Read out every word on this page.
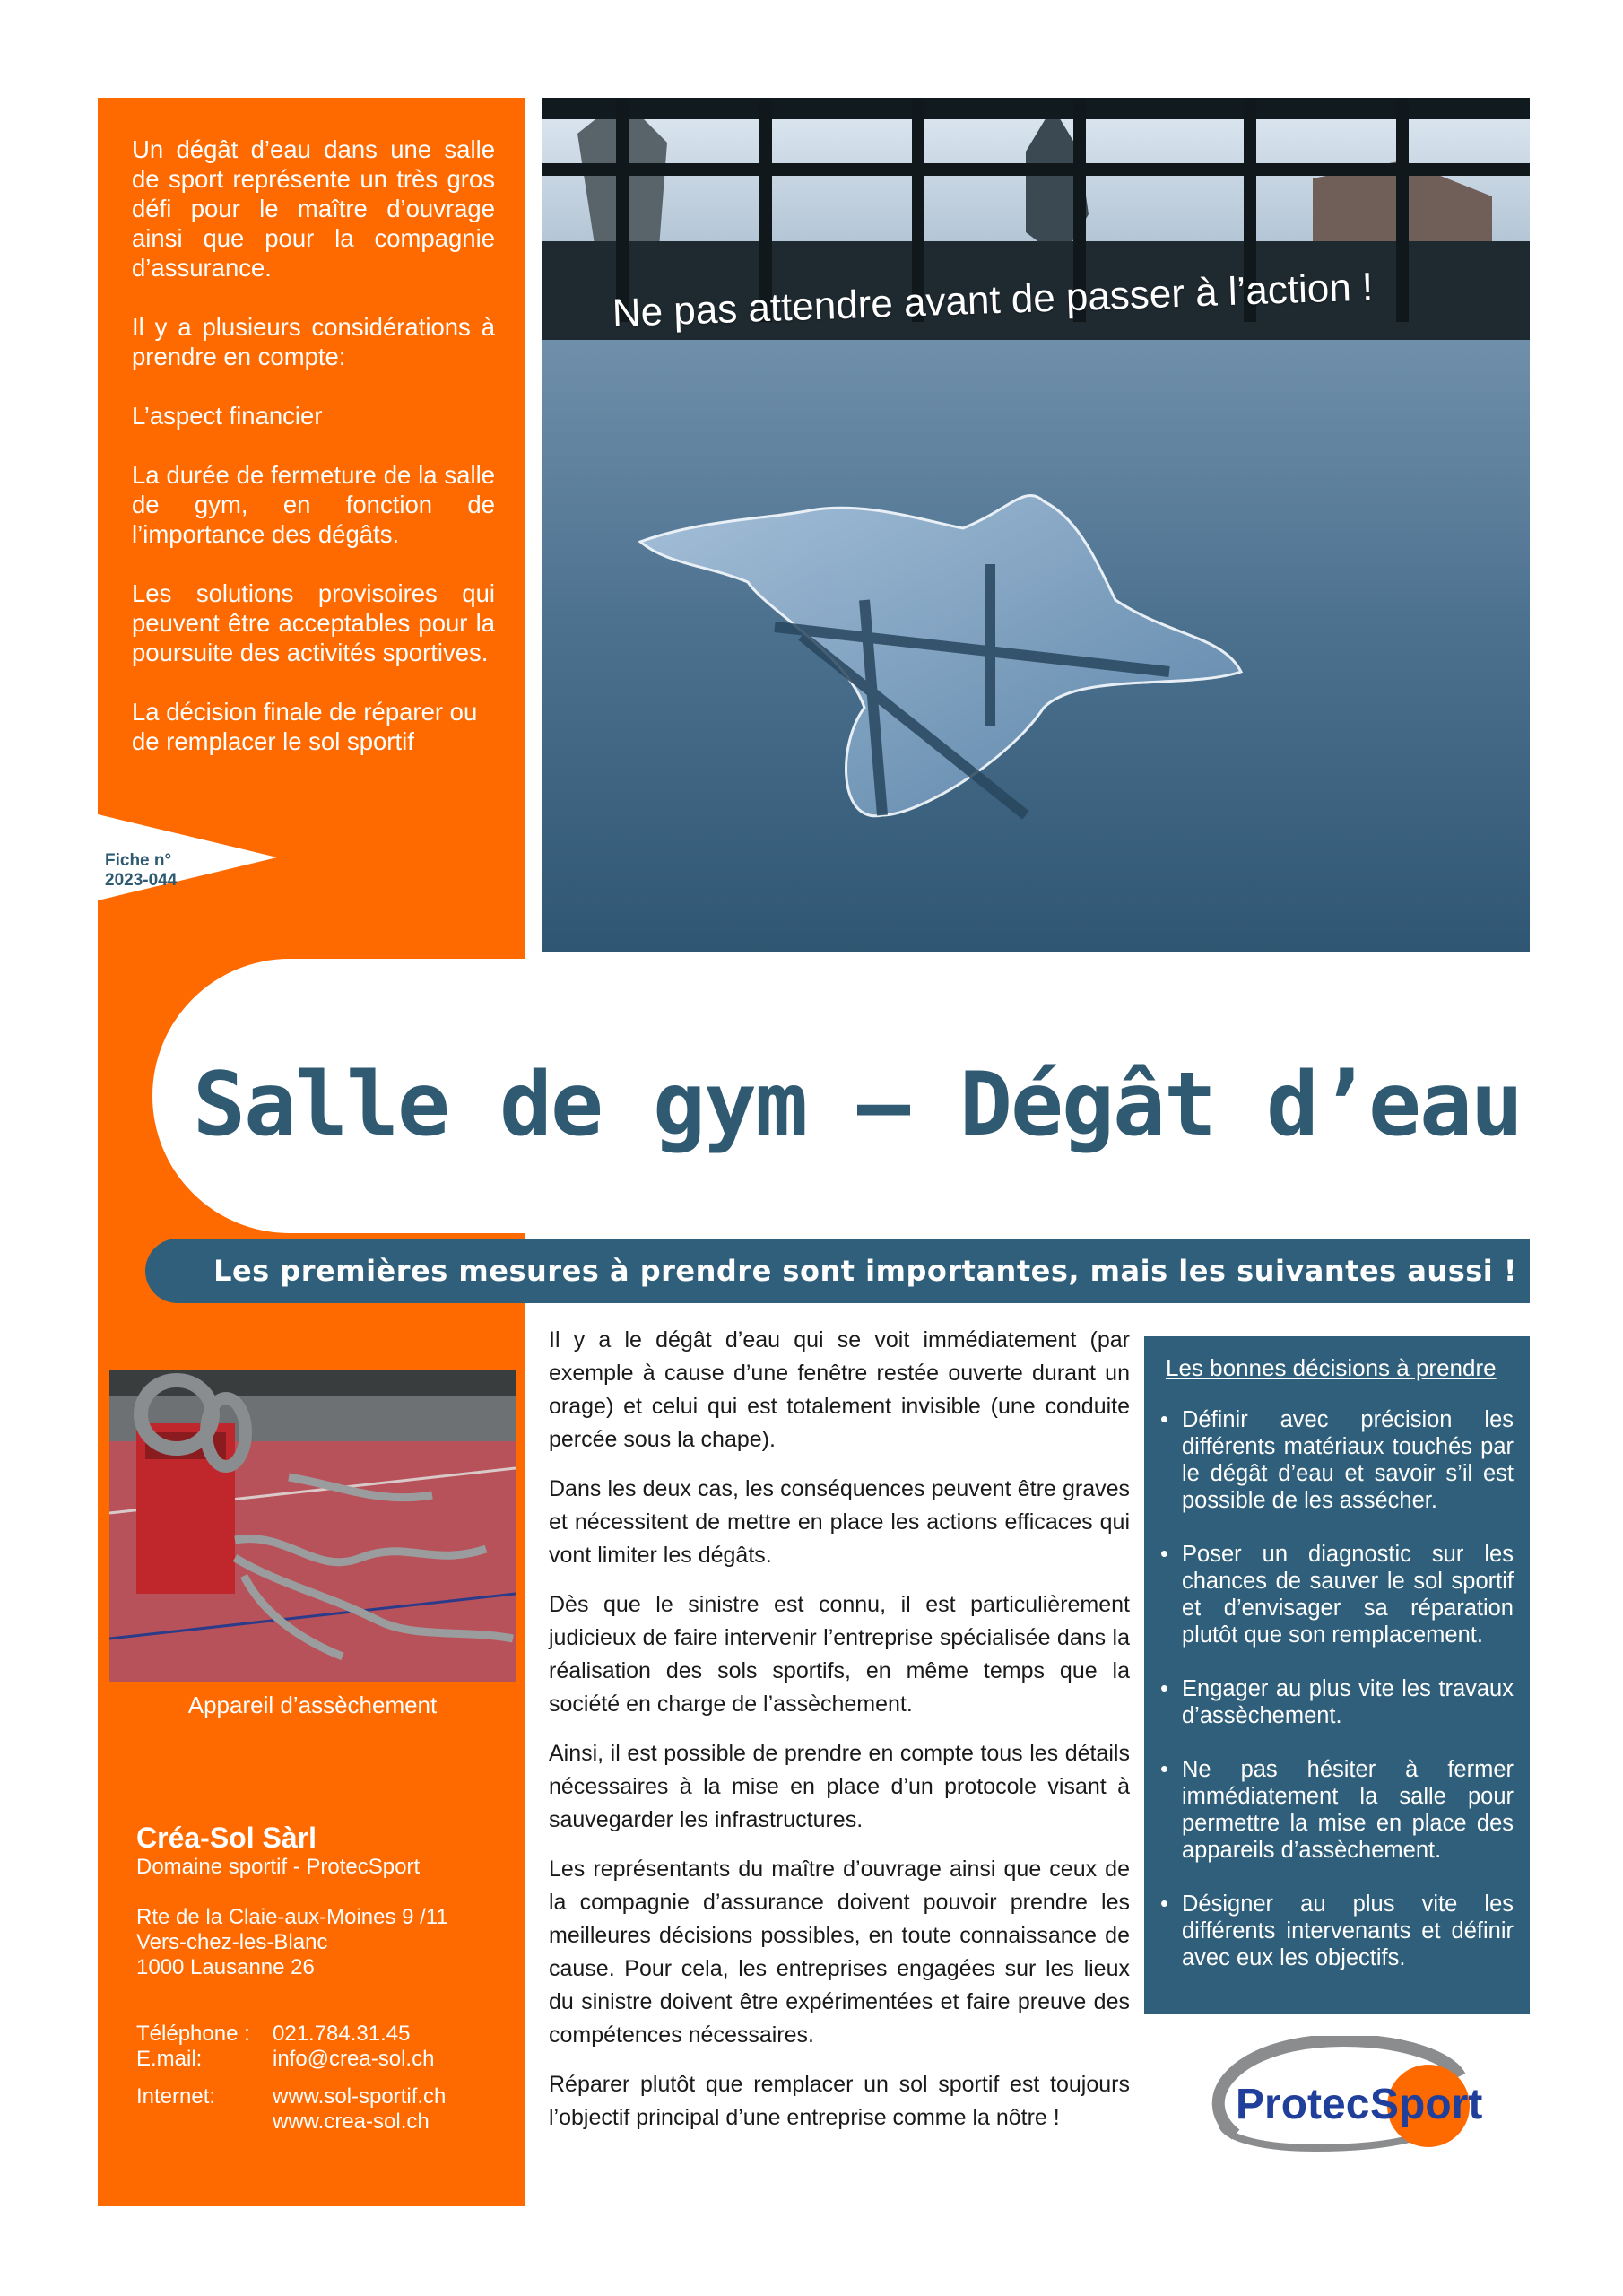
Un dégât d’eau dans une salle de sport représente un très gros défi pour le maître d’ouvrage ainsi que pour la compagnie d’assurance.

Il y a plusieurs considérations à prendre en compte:

L’aspect financier

La durée de fermeture de la salle de gym, en fonction de l’importance des dégâts.

Les solutions provisoires qui peuvent être acceptables pour la poursuite des activités sportives.

La décision finale de réparer ou de remplacer le sol sportif

Fiche n°
2023-044
Ne pas attendre avant de passer à l’action !
Salle de gym – Dégât d’eau
Les premières mesures à prendre sont importantes, mais les suivantes aussi !
Appareil d’assèchement
Créa-Sol Sàrl
Domaine sportif - ProtecSport
Rte de la Claie-aux-Moines 9 /11
Vers-chez-les-Blanc
1000 Lausanne 26
Téléphone :	021.784.31.45
E.mail:	info@crea-sol.ch
Internet:	www.sol-sportif.ch
www.crea-sol.ch

Il y a le dégât d’eau qui se voit immédiatement (par exemple à cause d’une fenêtre restée ouverte durant un orage) et celui qui est totalement invisible (une conduite percée sous la chape).

Dans les deux cas, les conséquences peuvent être graves et nécessitent de mettre en place les actions efficaces qui vont limiter les dégâts.

Dès que le sinistre est connu, il est particulièrement judicieux de faire intervenir l’entreprise spécialisée dans la réalisation des sols sportifs, en même temps que la société en charge de l’assèchement.

Ainsi, il est possible de prendre en compte tous les détails nécessaires à la mise en place d’un protocole visant à sauvegarder les infrastructures.

Les représentants du maître d’ouvrage ainsi que ceux de la compagnie d’assurance doivent pouvoir prendre les meilleures décisions possibles, en toute connaissance de cause. Pour cela, les entreprises engagées sur les lieux du sinistre doivent être expérimentées et faire preuve des compétences nécessaires.

Réparer plutôt que remplacer un sol sportif est toujours l’objectif principal d’une entreprise comme la nôtre !

Les bonnes décisions à prendre
• Définir avec précision les différents matériaux touchés par le dégât d’eau et savoir s’il est possible de les assécher.
• Poser un diagnostic sur les chances de sauver le sol sportif et d’envisager sa réparation plutôt que son remplacement.
• Engager au plus vite les travaux d’assèchement.
• Ne pas hésiter à fermer immédiatement la salle pour permettre la mise en place des appareils d’assèchement.
• Désigner au plus vite les différents intervenants et définir avec eux les objectifs.
Protec Sport
